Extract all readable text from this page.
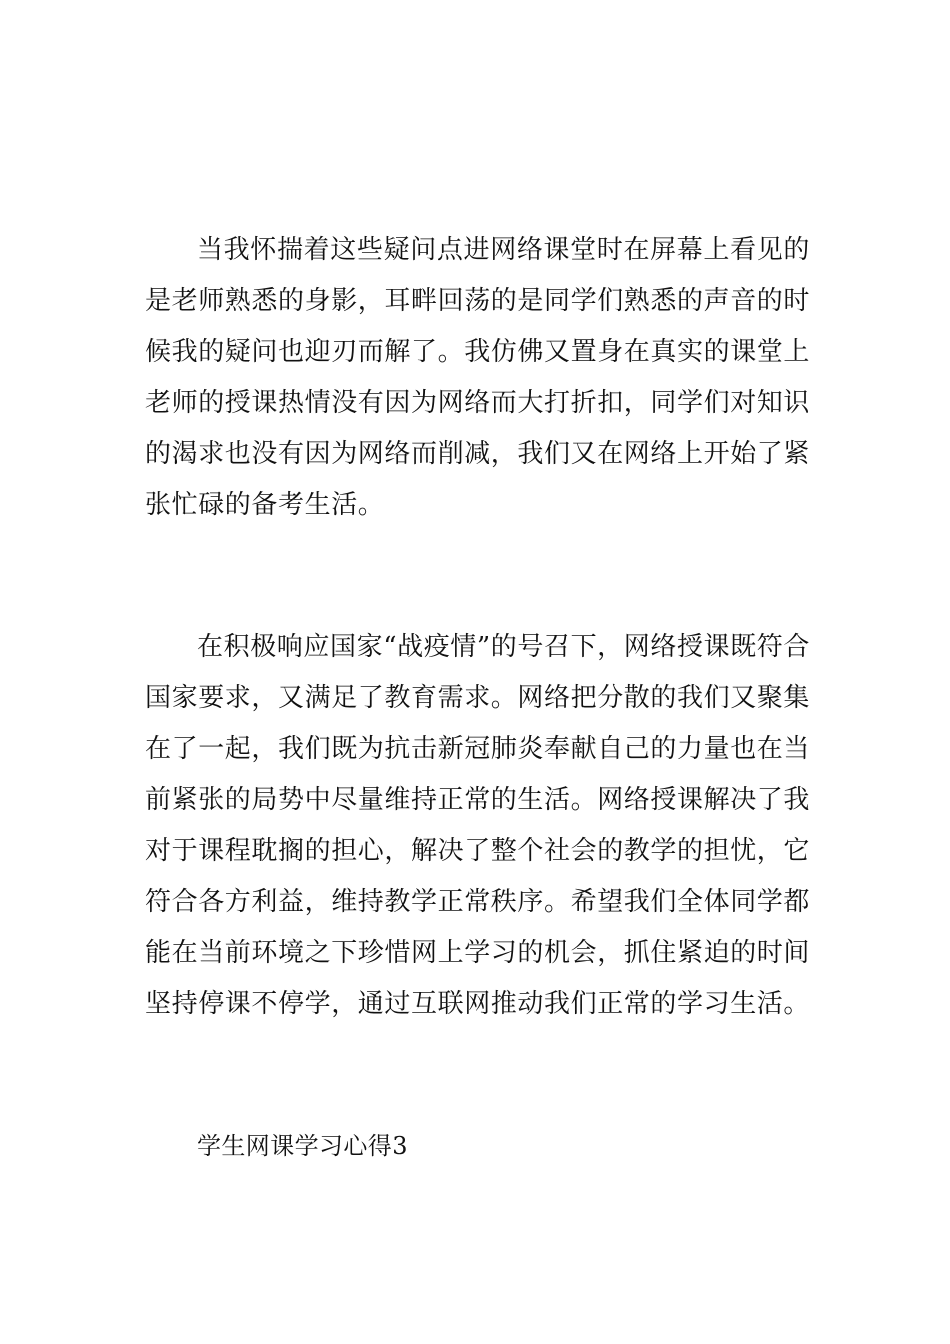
当我怀揣着这些疑问点进网络课堂时在屏幕上看见的是老师熟悉的身影，耳畔回荡的是同学们熟悉的声音的时候我的疑问也迎刃而解了。我仿佛又置身在真实的课堂上老师的授课热情没有因为网络而大打折扣，同学们对知识的渴求也没有因为网络而削减，我们又在网络上开始了紧张忙碌的备考生活。

在积极响应国家“战疫情”的号召下，网络授课既符合国家要求，又满足了教育需求。网络把分散的我们又聚集在了一起，我们既为抗击新冠肺炎奉献自己的力量也在当前紧张的局势中尽量维持正常的生活。网络授课解决了我对于课程耽搁的担心，解决了整个社会的教学的担忧，它符合各方利益，维持教学正常秩序。希望我们全体同学都能在当前环境之下珍惜网上学习的机会，抓住紧迫的时间坚持停课不停学，通过互联网推动我们正常的学习生活。

学生网课学习心得3
